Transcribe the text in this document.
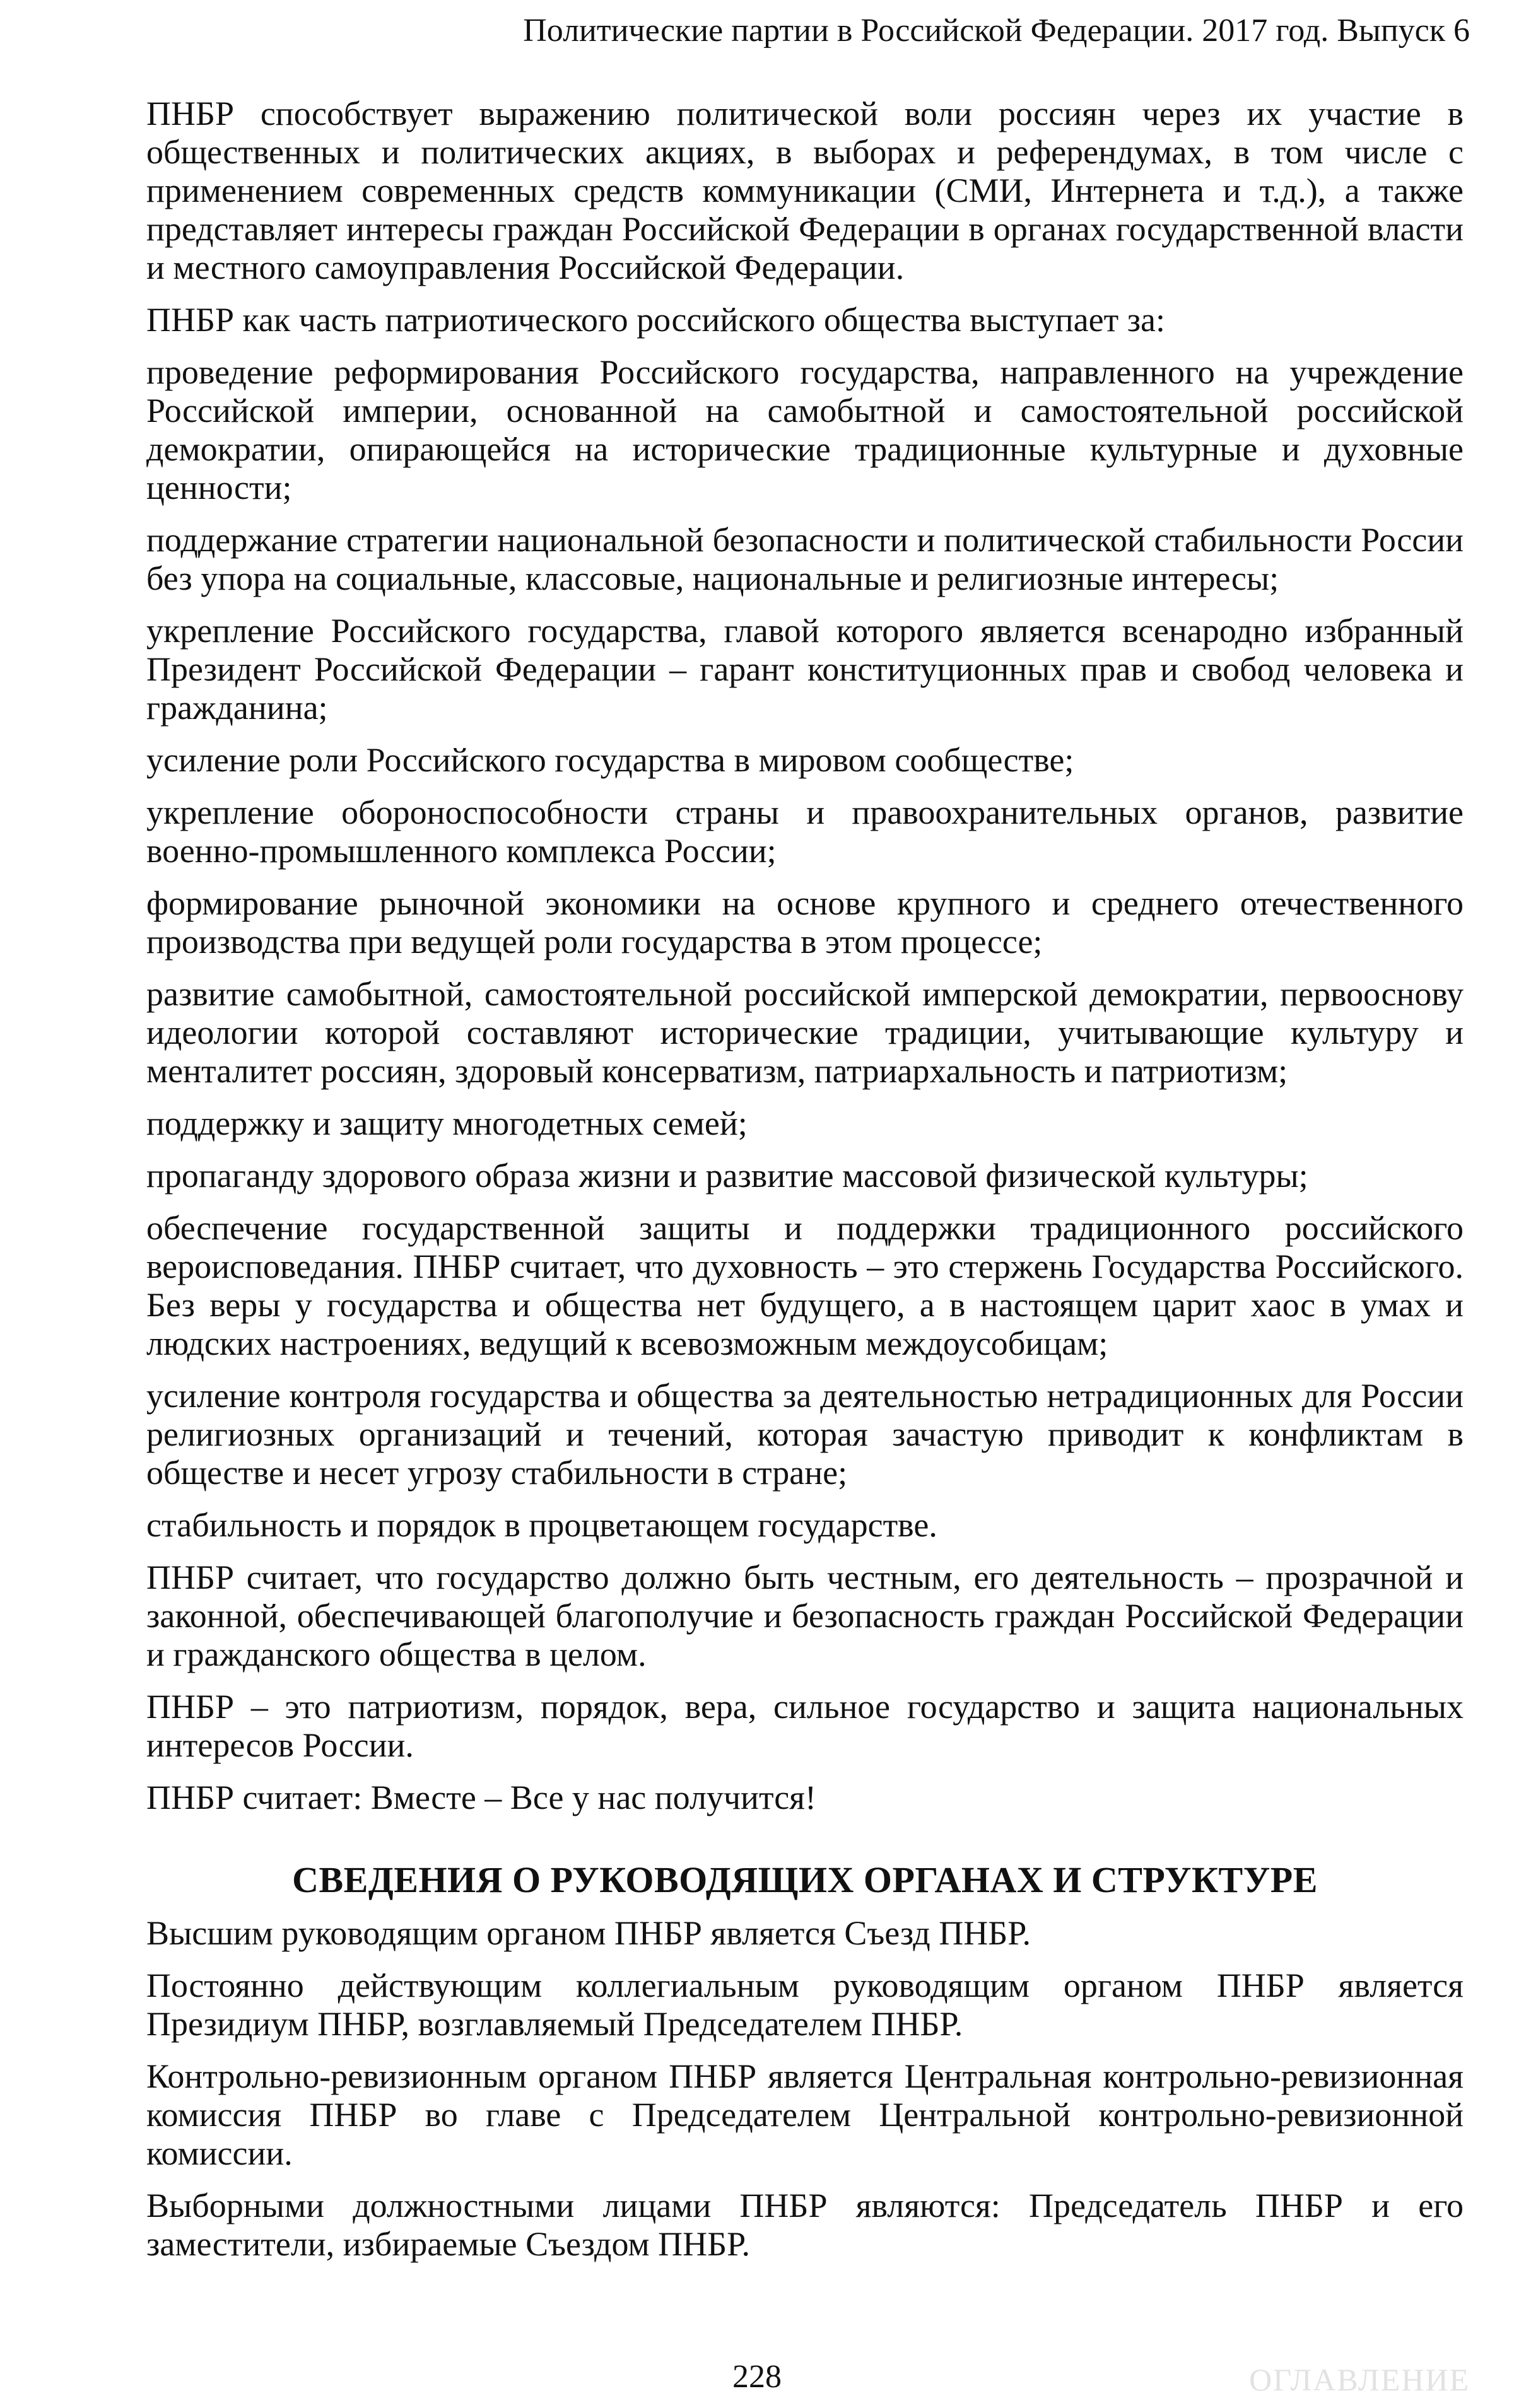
Политические партии в Российской Федерации. 2017 год. Выпуск 6

ПНБР способствует выражению политической воли россиян через их участие в общественных и политических акциях, в выборах и референдумах, в том числе с применением современных средств коммуникации (СМИ, Интернета и т.д.), а также представляет интересы граждан Российской Федерации в органах государственной власти и местного самоуправления Российской Федерации.

ПНБР как часть патриотического российского общества выступает за:

проведение реформирования Российского государства, направленного на учреждение Российской империи, основанной на самобытной и самостоятельной российской демократии, опирающейся на исторические традиционные культурные и духовные ценности;

поддержание стратегии национальной безопасности и политической стабильности России без упора на социальные, классовые, национальные и религиозные интересы;

укрепление Российского государства, главой которого является всенародно избранный Президент Российской Федерации – гарант конституционных прав и свобод человека и гражданина;

усиление роли Российского государства в мировом сообществе;

укрепление обороноспособности страны и правоохранительных органов, развитие военно-промышленного комплекса России;

формирование рыночной экономики на основе крупного и среднего отечественного производства при ведущей роли государства в этом процессе;

развитие самобытной, самостоятельной российской имперской демократии, первооснову идеологии которой составляют исторические традиции, учитывающие культуру и менталитет россиян, здоровый консерватизм, патриархальность и патриотизм;

поддержку и защиту многодетных семей;

пропаганду здорового образа жизни и развитие массовой физической культуры;

обеспечение государственной защиты и поддержки традиционного российского вероисповедания. ПНБР считает, что духовность – это стержень Государства Российского. Без веры у государства и общества нет будущего, а в настоящем царит хаос в умах и людских настроениях, ведущий к всевозможным междоусобицам;

усиление контроля государства и общества за деятельностью нетрадиционных для России религиозных организаций и течений, которая зачастую приводит к конфликтам в обществе и несет угрозу стабильности в стране;

стабильность и порядок в процветающем государстве.

ПНБР считает, что государство должно быть честным, его деятельность – прозрачной и законной, обеспечивающей благополучие и безопасность граждан Российской Федерации и гражданского общества в целом.

ПНБР – это патриотизм, порядок, вера, сильное государство и защита национальных интересов России.

ПНБР считает: Вместе – Все у нас получится!

СВЕДЕНИЯ О РУКОВОДЯЩИХ ОРГАНАХ И СТРУКТУРЕ

Высшим руководящим органом ПНБР является Съезд ПНБР.

Постоянно действующим коллегиальным руководящим органом ПНБР является Президиум ПНБР, возглавляемый Председателем ПНБР.

Контрольно-ревизионным органом ПНБР является Центральная контрольно-ревизионная комиссия ПНБР во главе с Председателем Центральной контрольно-ревизионной комиссии.

Выборными должностными лицами ПНБР являются: Председатель ПНБР и его заместители, избираемые Съездом ПНБР.

228	ОГЛАВЛЕНИЕ
